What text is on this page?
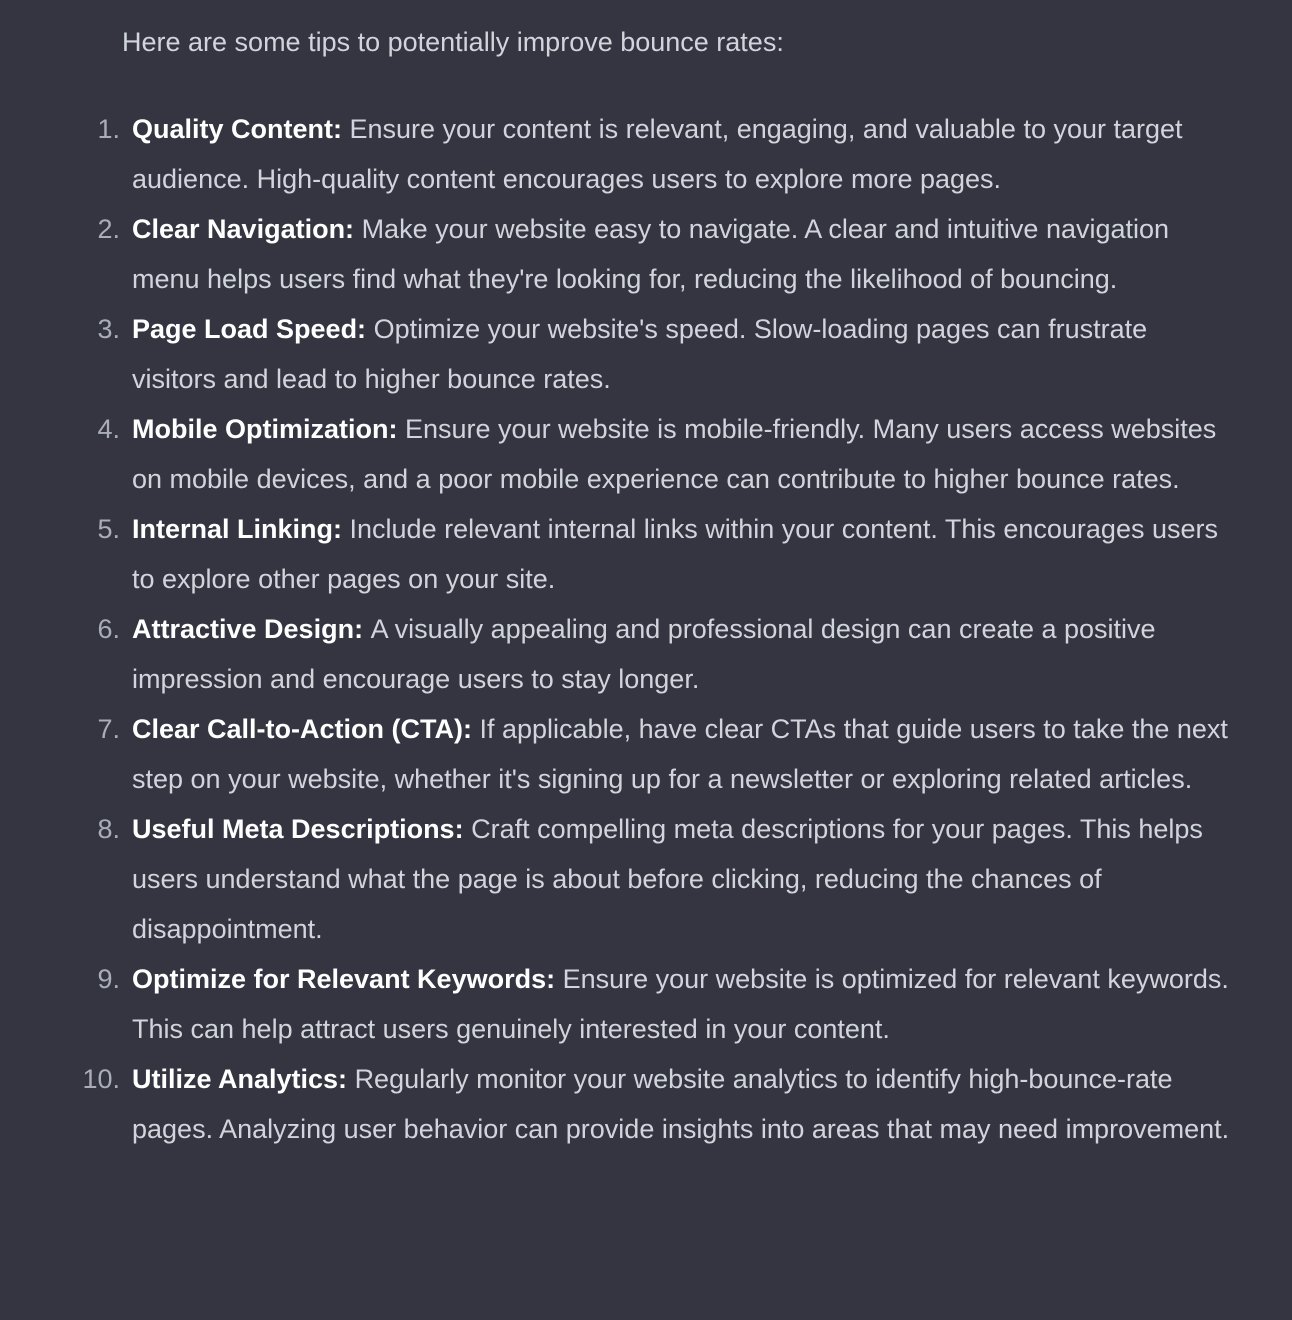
Here are some tips to potentially improve bounce rates:

1. Quality Content: Ensure your content is relevant, engaging, and valuable to your target audience. High-quality content encourages users to explore more pages.
2. Clear Navigation: Make your website easy to navigate. A clear and intuitive navigation menu helps users find what they're looking for, reducing the likelihood of bouncing.
3. Page Load Speed: Optimize your website's speed. Slow-loading pages can frustrate visitors and lead to higher bounce rates.
4. Mobile Optimization: Ensure your website is mobile-friendly. Many users access websites on mobile devices, and a poor mobile experience can contribute to higher bounce rates.
5. Internal Linking: Include relevant internal links within your content. This encourages users to explore other pages on your site.
6. Attractive Design: A visually appealing and professional design can create a positive impression and encourage users to stay longer.
7. Clear Call-to-Action (CTA): If applicable, have clear CTAs that guide users to take the next step on your website, whether it's signing up for a newsletter or exploring related articles.
8. Useful Meta Descriptions: Craft compelling meta descriptions for your pages. This helps users understand what the page is about before clicking, reducing the chances of disappointment.
9. Optimize for Relevant Keywords: Ensure your website is optimized for relevant keywords. This can help attract users genuinely interested in your content.
10. Utilize Analytics: Regularly monitor your website analytics to identify high-bounce-rate pages. Analyzing user behavior can provide insights into areas that may need improvement.
